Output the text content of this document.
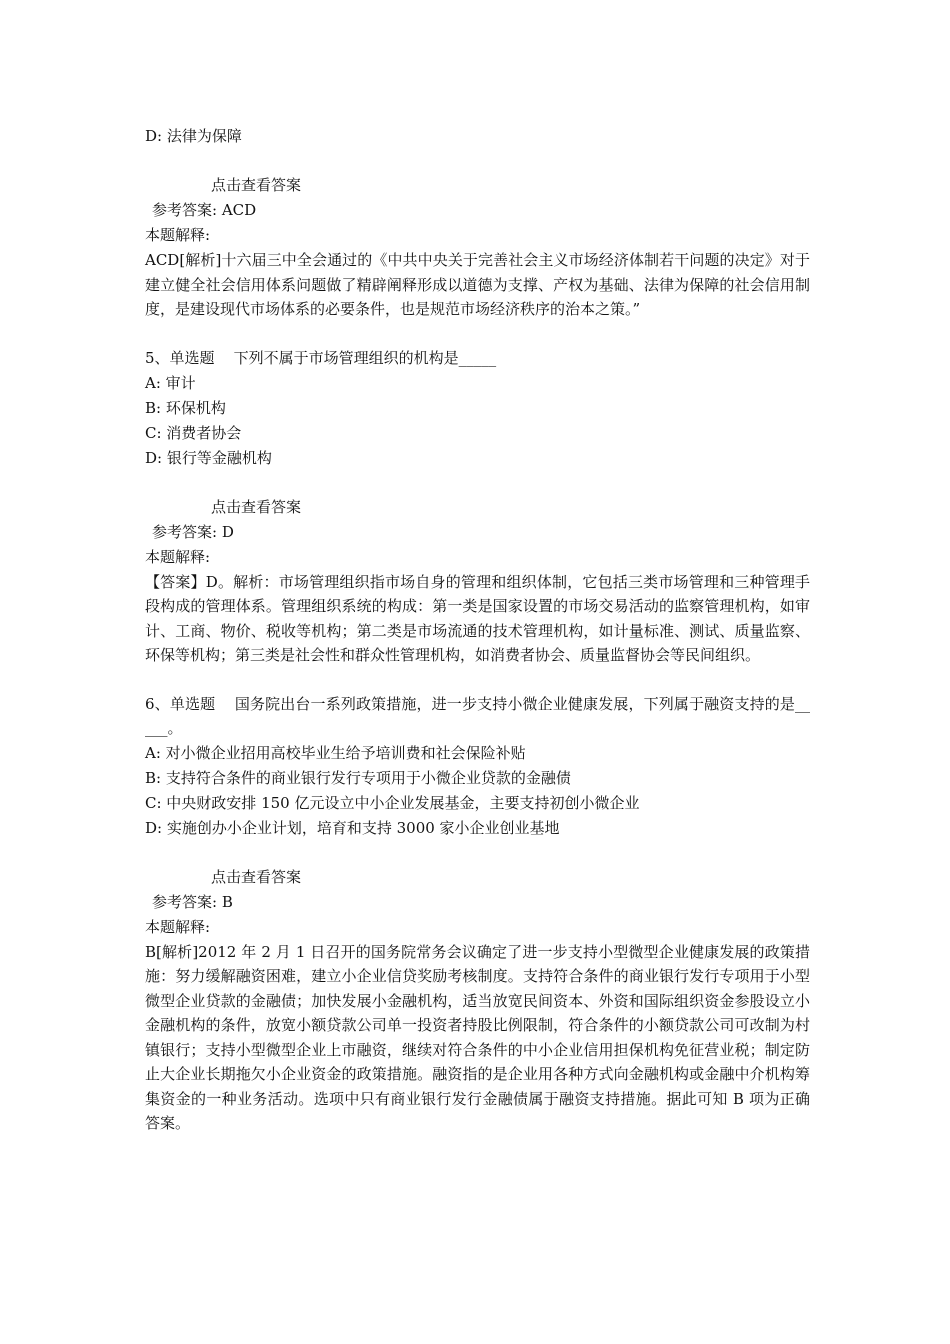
D: 法律为保障
点击查看答案
参考答案: ACD
本题解释:
ACD[解析]十六届三中全会通过的《中共中央关于完善社会主义市场经济体制若干问题的决定》对于建立健全社会信用体系问题做了精辟阐释形成以道德为支撑、产权为基础、法律为保障的社会信用制度，是建设现代市场体系的必要条件，也是规范市场经济秩序的治本之策。”
5、单选题    下列不属于市场管理组织的机构是_____
A: 审计
B: 环保机构
C: 消费者协会
D: 银行等金融机构
点击查看答案
参考答案: D
本题解释:
【答案】D。解析：市场管理组织指市场自身的管理和组织体制，它包括三类市场管理和三种管理手段构成的管理体系。管理组织系统的构成：第一类是国家设置的市场交易活动的监察管理机构，如审计、工商、物价、税收等机构；第二类是市场流通的技术管理机构，如计量标准、测试、质量监察、环保等机构；第三类是社会性和群众性管理机构，如消费者协会、质量监督协会等民间组织。
6、单选题    国务院出台一系列政策措施，进一步支持小微企业健康发展，下列属于融资支持的是_____。
A: 对小微企业招用高校毕业生给予培训费和社会保险补贴
B: 支持符合条件的商业银行发行专项用于小微企业贷款的金融债
C: 中央财政安排 150 亿元设立中小企业发展基金，主要支持初创小微企业
D: 实施创办小企业计划，培育和支持 3000 家小企业创业基地
点击查看答案
参考答案: B
本题解释:
B[解析]2012 年 2 月 1 日召开的国务院常务会议确定了进一步支持小型微型企业健康发展的政策措施：努力缓解融资困难，建立小企业信贷奖励考核制度。支持符合条件的商业银行发行专项用于小型微型企业贷款的金融债；加快发展小金融机构，适当放宽民间资本、外资和国际组织资金参股设立小金融机构的条件，放宽小额贷款公司单一投资者持股比例限制，符合条件的小额贷款公司可改制为村镇银行；支持小型微型企业上市融资，继续对符合条件的中小企业信用担保机构免征营业税；制定防止大企业长期拖欠小企业资金的政策措施。融资指的是企业用各种方式向金融机构或金融中介机构筹集资金的一种业务活动。选项中只有商业银行发行金融债属于融资支持措施。据此可知 B 项为正确答案。
